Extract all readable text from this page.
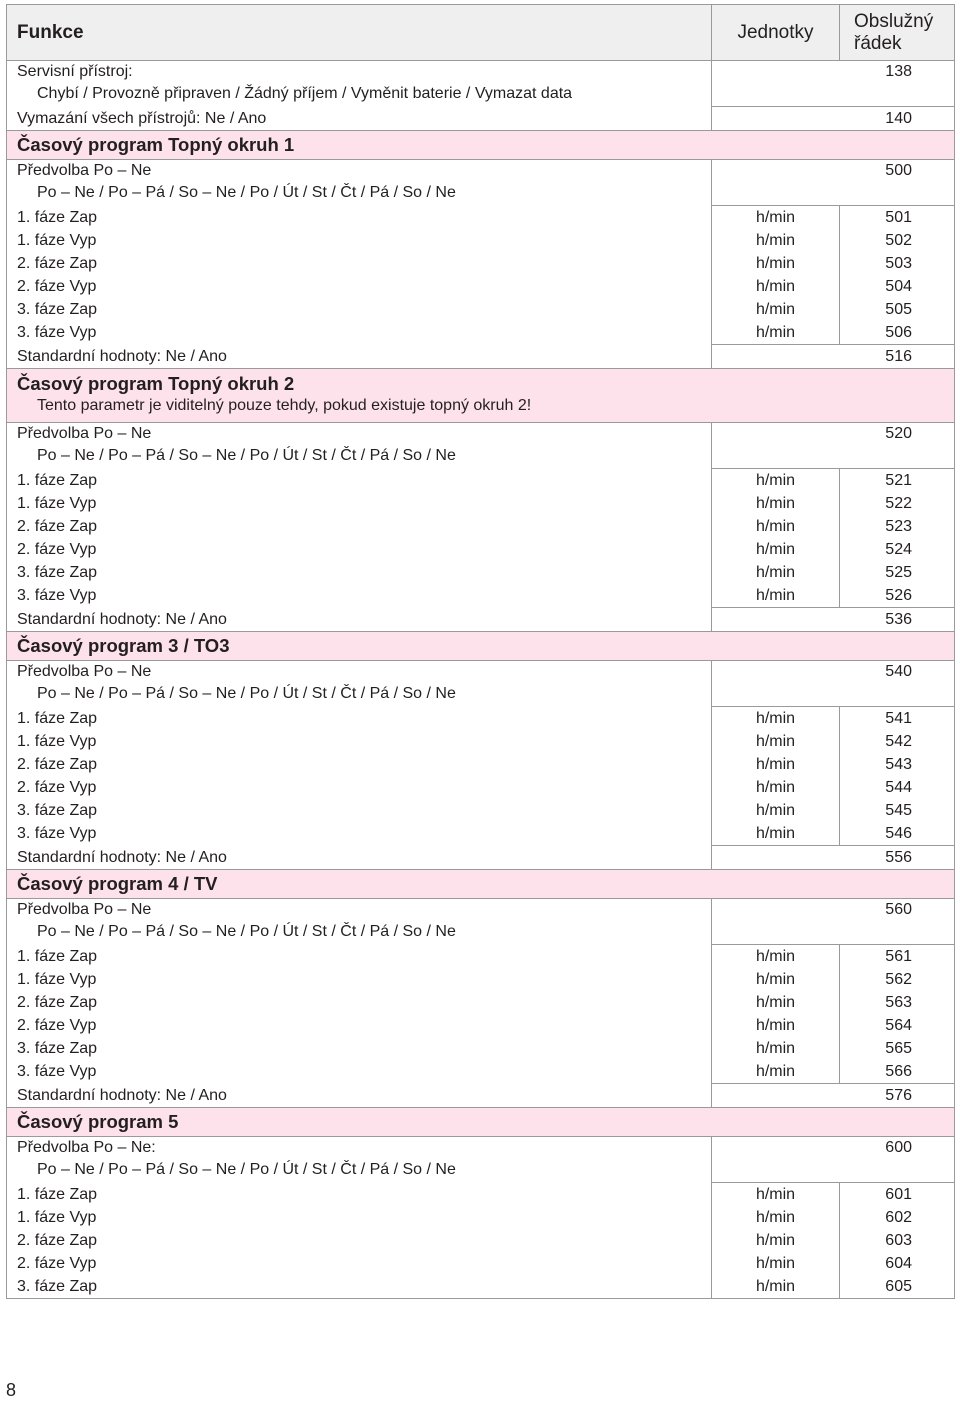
Funkce	Jednotky	Obslužný řádek
Servisní přístroj:
Chybí / Provozně připraven / Žádný příjem / Vyměnit baterie / Vymazat data	138	
Vymazání všech přístrojů: Ne / Ano	140	
Časový program Topný okruh 1		
Předvolba Po – Ne
Po – Ne / Po – Pá / So – Ne / Po / Út / St / Čt / Pá / So / Ne	500	
1. fáze Zap	h/min	501
1. fáze Vyp	h/min	502
2. fáze Zap	h/min	503
2. fáze Vyp	h/min	504
3. fáze Zap	h/min	505
3. fáze Vyp	h/min	506
Standardní hodnoty: Ne / Ano	516	
Časový program Topný okruh 2
Tento parametr je viditelný pouze tehdy, pokud existuje topný okruh 2!		

Předvolba Po – Ne
Po – Ne / Po – Pá / So – Ne / Po / Út / St / Čt / Pá / So / Ne	520	
1. fáze Zap	h/min	521
1. fáze Vyp	h/min	522
2. fáze Zap	h/min	523
2. fáze Vyp	h/min	524
3. fáze Zap	h/min	525
3. fáze Vyp	h/min	526
Standardní hodnoty: Ne / Ano	536	
Časový program 3 / TO3		
Předvolba Po – Ne
Po – Ne / Po – Pá / So – Ne / Po / Út / St / Čt / Pá / So / Ne	540	
1. fáze Zap	h/min	541
1. fáze Vyp	h/min	542
2. fáze Zap	h/min	543
2. fáze Vyp	h/min	544
3. fáze Zap	h/min	545
3. fáze Vyp	h/min	546
Standardní hodnoty: Ne / Ano	556	
Časový program 4 / TV		
Předvolba Po – Ne
Po – Ne / Po – Pá / So – Ne / Po / Út / St / Čt / Pá / So / Ne	560	
1. fáze Zap	h/min	561
1. fáze Vyp	h/min	562
2. fáze Zap	h/min	563
2. fáze Vyp	h/min	564
3. fáze Zap	h/min	565
3. fáze Vyp	h/min	566
Standardní hodnoty: Ne / Ano	576	
Časový program 5		
Předvolba Po – Ne:
Po – Ne / Po – Pá / So – Ne / Po / Út / St / Čt / Pá / So / Ne	600	
1. fáze Zap	h/min	601
1. fáze Vyp	h/min	602
2. fáze Zap	h/min	603
2. fáze Vyp	h/min	604
3. fáze Zap	h/min	605
8
